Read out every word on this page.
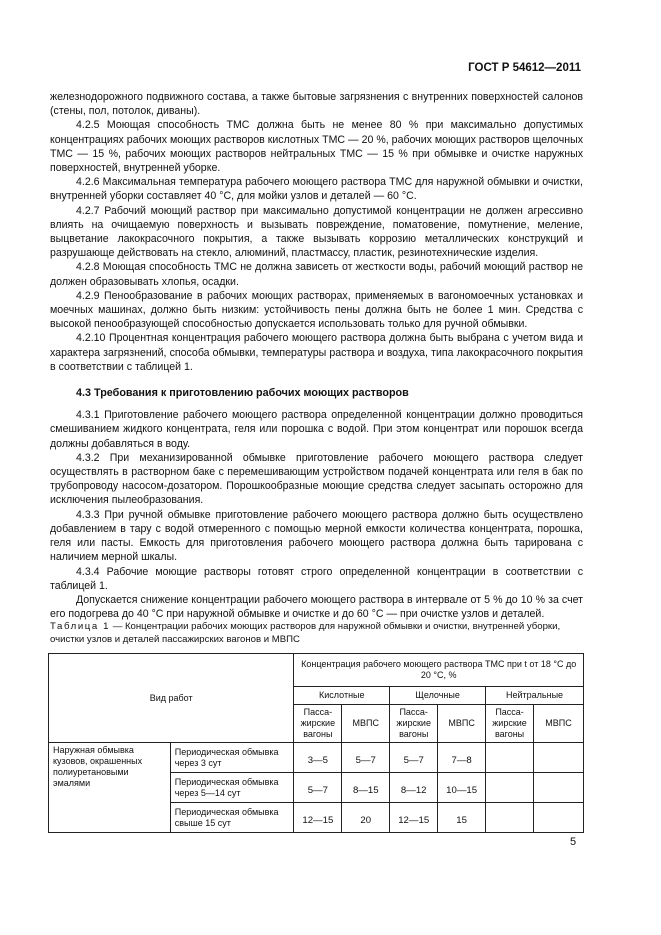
ГОСТ Р 54612—2011

железнодорожного подвижного состава, а также бытовые загрязнения с внутренних поверхностей салонов (стены, пол, потолок, диваны).

4.2.5 Моющая способность ТМС должна быть не менее 80 % при максимально допустимых концентрациях рабочих моющих растворов кислотных ТМС — 20 %, рабочих моющих растворов щелочных ТМС — 15 %, рабочих моющих растворов нейтральных ТМС — 15 % при обмывке и очистке наружных поверхностей, внутренней уборке.

4.2.6 Максимальная температура рабочего моющего раствора ТМС для наружной обмывки и очистки, внутренней уборки составляет 40 °С, для мойки узлов и деталей — 60 °С.

4.2.7 Рабочий моющий раствор при максимально допустимой концентрации не должен агрессивно влиять на очищаемую поверхность и вызывать повреждение, поматовение, помутнение, меление, выцветание лакокрасочного покрытия, а также вызывать коррозию металлических конструкций и разрушающе действовать на стекло, алюминий, пластмассу, пластик, резинотехнические изделия.

4.2.8 Моющая способность ТМС не должна зависеть от жесткости воды, рабочий моющий раствор не должен образовывать хлопья, осадки.

4.2.9 Пенообразование в рабочих моющих растворах, применяемых в вагономоечных установках и моечных машинах, должно быть низким: устойчивость пены должна быть не более 1 мин. Средства с высокой пенообразующей способностью допускается использовать только для ручной обмывки.

4.2.10 Процентная концентрация рабочего моющего раствора должна быть выбрана с учетом вида и характера загрязнений, способа обмывки, температуры раствора и воздуха, типа лакокрасочного покрытия в соответствии с таблицей 1.

4.3 Требования к приготовлению рабочих моющих растворов

4.3.1 Приготовление рабочего моющего раствора определенной концентрации должно проводиться смешиванием жидкого концентрата, геля или порошка с водой. При этом концентрат или порошок всегда должны добавляться в воду.

4.3.2 При механизированной обмывке приготовление рабочего моющего раствора следует осуществлять в растворном баке с перемешивающим устройством подачей концентрата или геля в бак по трубопроводу насосом-дозатором. Порошкообразные моющие средства следует засыпать осторожно для исключения пылеобразования.

4.3.3 При ручной обмывке приготовление рабочего моющего раствора должно быть осуществлено добавлением в тару с водой отмеренного с помощью мерной емкости количества концентрата, порошка, геля или пасты. Емкость для приготовления рабочего моющего раствора должна быть тарирована с наличием мерной шкалы.

4.3.4 Рабочие моющие растворы готовят строго определенной концентрации в соответствии с таблицей 1.

Допускается снижение концентрации рабочего моющего раствора в интервале от 5 % до 10 % за счет его подогрева до 40 °С при наружной обмывке и очистке и до 60 °С — при очистке узлов и деталей.

Таблица 1 — Концентрации рабочих моющих растворов для наружной обмывки и очистки, внутренней уборки, очистки узлов и деталей пассажирских вагонов и МВПС
Вид работ		Концентрация рабочего моющего раствора ТМС при t от 18 °С до 20 °С, %					
		Кислотные		Щелочные		Нейтральные	
		Пасса-жирские вагоны	МВПС	Пасса-жирские вагоны	МВПС	Пасса-жирские вагоны	МВПС
Наружная обмывка кузовов, окрашенных полиуретановыми эмалями	Периодическая обмывка через 3 сут	3—5	5—7	5—7	7—8		
	Периодическая обмывка через 5—14 сут	5—7	8—15	8—12	10—15		
	Периодическая обмывка свыше 15 сут	12—15	20	12—15	15		
5
